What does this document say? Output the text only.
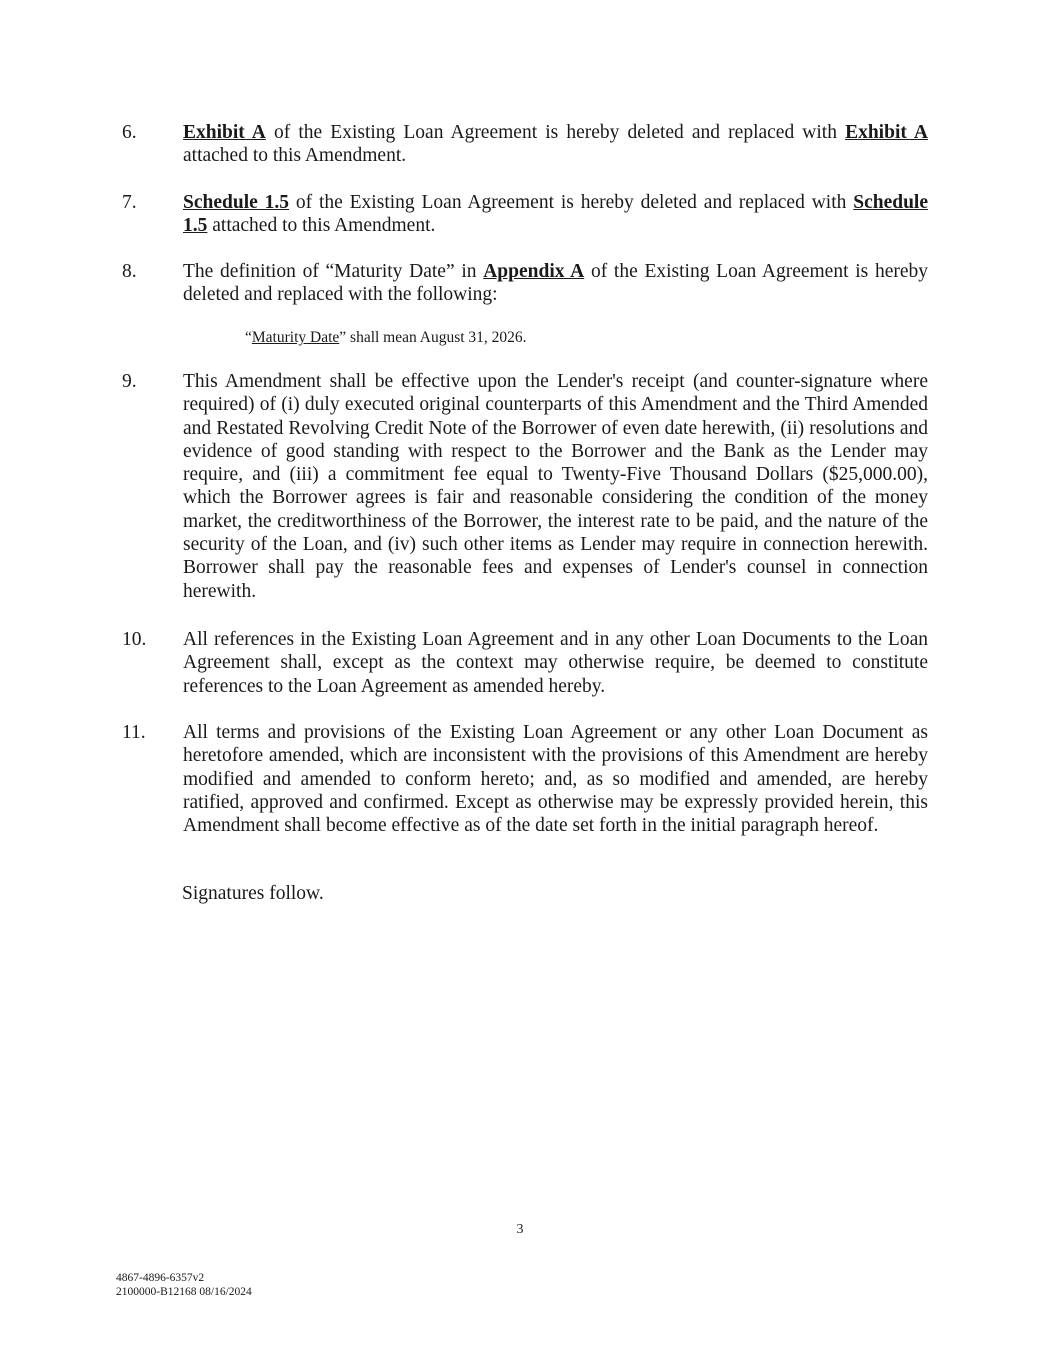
6. Exhibit A of the Existing Loan Agreement is hereby deleted and replaced with Exhibit A attached to this Amendment.
7. Schedule 1.5 of the Existing Loan Agreement is hereby deleted and replaced with Schedule 1.5 attached to this Amendment.
8. The definition of “Maturity Date” in Appendix A of the Existing Loan Agreement is hereby deleted and replaced with the following:
“Maturity Date” shall mean August 31, 2026.
9. This Amendment shall be effective upon the Lender's receipt (and counter-signature where required) of (i) duly executed original counterparts of this Amendment and the Third Amended and Restated Revolving Credit Note of the Borrower of even date herewith, (ii) resolutions and evidence of good standing with respect to the Borrower and the Bank as the Lender may require, and (iii) a commitment fee equal to Twenty-Five Thousand Dollars ($25,000.00), which the Borrower agrees is fair and reasonable considering the condition of the money market, the creditworthiness of the Borrower, the interest rate to be paid, and the nature of the security of the Loan, and (iv) such other items as Lender may require in connection herewith. Borrower shall pay the reasonable fees and expenses of Lender's counsel in connection herewith.
10. All references in the Existing Loan Agreement and in any other Loan Documents to the Loan Agreement shall, except as the context may otherwise require, be deemed to constitute references to the Loan Agreement as amended hereby.
11. All terms and provisions of the Existing Loan Agreement or any other Loan Document as heretofore amended, which are inconsistent with the provisions of this Amendment are hereby modified and amended to conform hereto; and, as so modified and amended, are hereby ratified, approved and confirmed. Except as otherwise may be expressly provided herein, this Amendment shall become effective as of the date set forth in the initial paragraph hereof.
Signatures follow.
3
4867-4896-6357v2
2100000-B12168 08/16/2024
